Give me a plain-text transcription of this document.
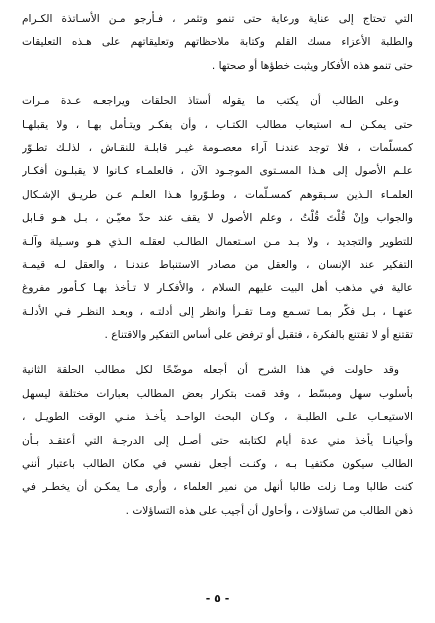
التي تحتاج إلى عناية ورعاية حتى تنمو وتثمر ، فـأرجو مـن الأسـاتذة الكـرام
والطلبة الأعزاء مسك القلم وكتابة ملاحظاتهم وتعليقاتهم على هـذه التعليقات
حتى تنمو هذه الأفكار ويثبت خطؤها أو صحتها .
وعلى الطالب أن يكتب ما يقوله أستاذ الحلقات ويراجعـه عـدة مـرات
حتى يمكـن لـه استيعاب مطالب الكتـاب ، وأن يفكـر ويتـأمل بهـا ، ولا يقبلهـا
كمسلّمات ، فلا توجد عندنـا آراء معصـومة غيـر قابلـة للنقـاش ، لذلـك تطـوّر
علـم الأصول إلى هـذا المسـتوى الموجـود الآن ، فالعلمـاء كـانوا لا يقبلـون أفكـار
العلمـاء الـذين سـبقوهم كمسـلّمات ، وطـوّروا هـذا العلـم عـن طريـق الإشـكال
والجواب وإنْ قُلْتَ قُلْتُ ، وعلم الأصول لا يقف عند حدّ معيّـن ، بـل هـو قـابل
للتطوير والتجديد ، ولا بـد مـن اسـتعمال الطالـب لعقلـه الـذي هـو وسـيلة وآلـة
التفكير عند الإنسان ، والعقل من مصادر الاستنباط عندنـا ، والعقل لـه قيمـة
عالية في مذهب أهل البيت عليهم السلام ، والأفكـار لا تـأخذ بهـا كـأمور مفروغ
عنهـا ، بـل فكّر بمـا تسـمع ومـا تقـرأ وانظر إلى أدلتـه ، وبعـد النظـر فـي الأدلـة
تقتنع أو لا تقتنع بالفكرة ، فتقبل أو ترفض على أساس التفكير والاقتناع .
وقد حاولت في هذا الشرح أن أجعله موضّحًا لكل مطالب الحلقة الثانية
بأسلوب سهل ومبسّط ، وقد قمت بتكرار بعض المطالب بعبارات مختلفة ليسهل
الاستيعـاب علـى الطلبـة ، وكـان البحث الواحـد يأخـذ منـي الوقت الطويـل ،
وأحيانـا يأخذ مني عدة أيام لكتابته حتى أصـل إلى الدرجـة التي أعتقـد بـأن
الطالب سيكون مكتفيـا بـه ، وكنـت أجعل نفسي في مكان الطالب باعتبار أنني
كنت طالبا ومـا زلت طالبا أنهل من نمير العلماء ، وأرى مـا يمكـن أن يخطـر في
ذهن الطالب من تساؤلات ، وأحاول أن أجيب على هذه التساؤلات .
- ٥ -
